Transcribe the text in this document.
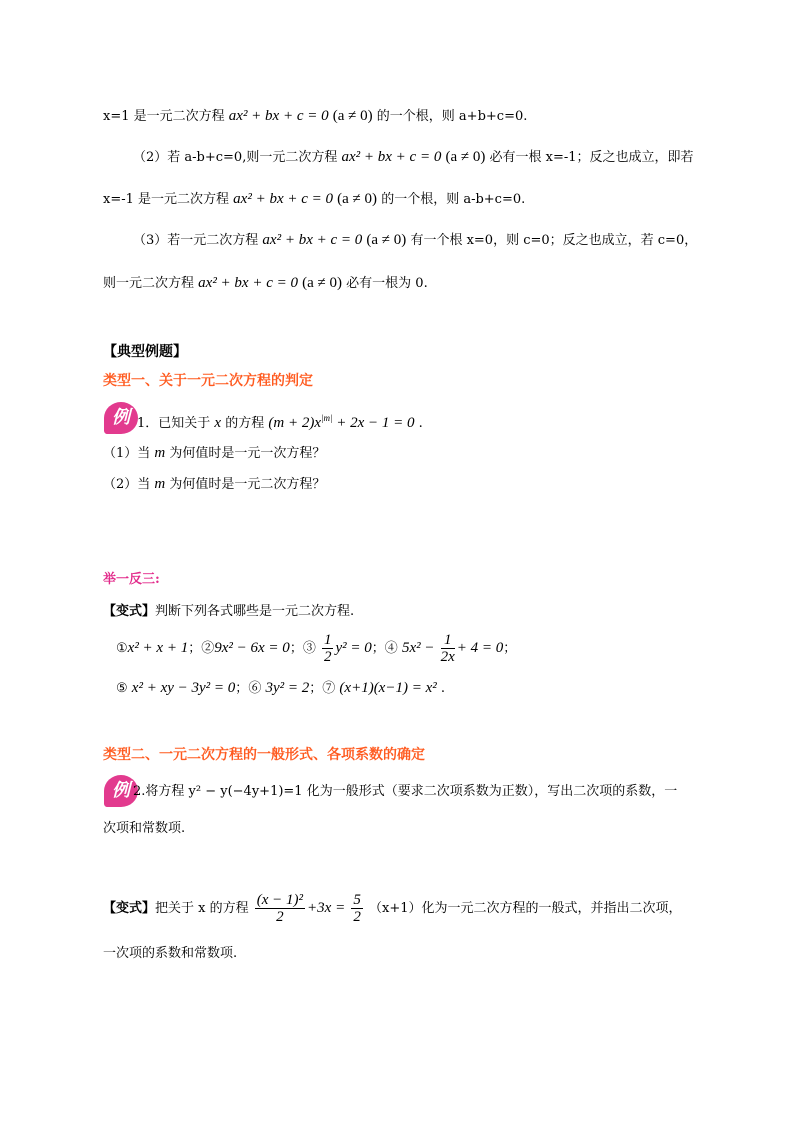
x=1 是一元二次方程 ax² + bx + c = 0 (a ≠ 0) 的一个根，则 a+b+c=0.
（2）若 a-b+c=0,则一元二次方程 ax² + bx + c = 0 (a ≠ 0) 必有一根 x=-1；反之也成立，即若
x=-1 是一元二次方程 ax² + bx + c = 0 (a ≠ 0) 的一个根，则 a-b+c=0.
（3）若一元二次方程 ax² + bx + c = 0 (a ≠ 0) 有一个根 x=0，则 c=0；反之也成立，若 c=0，
则一元二次方程 ax² + bx + c = 0 (a ≠ 0) 必有一根为 0.
【典型例题】
类型一、关于一元二次方程的判定
例 1．已知关于 x 的方程 $(m + 2)x^{|m|} + 2x - 1 = 0$ .
（1）当 m 为何值时是一元一次方程？
（2）当 m 为何值时是一元二次方程？
举一反三:
【变式】判断下列各式哪些是一元二次方程.
①x² + x + 1；②9x² − 6x = 0；③ $\frac{1}{2} y^2 = 0$；④ $5x^2 - \frac{1}{2x} + 4 = 0$；
⑤ x² + xy − 3y² = 0；⑥ 3y² = 2；⑦ (x+1)(x−1) = x² .
类型二、一元二次方程的一般形式、各项系数的确定
例 2.将方程 y² − y(−4y+1)=1 化为一般形式（要求二次项系数为正数），写出二次项的系数，一
次项和常数项.
【变式】把关于 x 的方程 $\frac{\text{(x − 1)²}}{2} +3x = \frac{5}{2} (x+1)$化为一元二次方程的一般式，并指出二次项，
一次项的系数和常数项.
